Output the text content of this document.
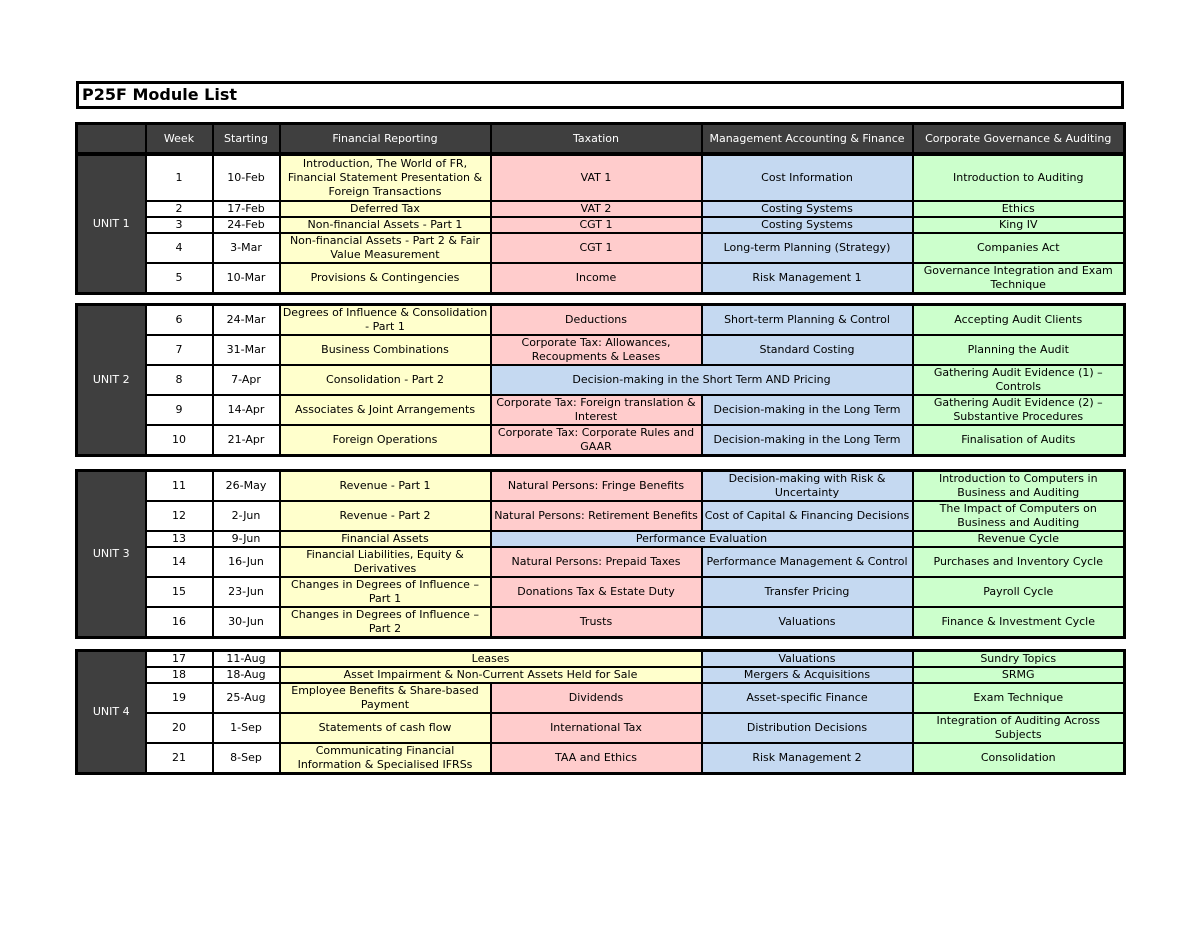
P25F Module List
	Week	Starting	Financial Reporting	Taxation	Management Accounting & Finance	Corporate Governance & Auditing
UNIT 1	1	10-Feb	Introduction, The World of FR, Financial Statement Presentation & Foreign Transactions	VAT 1	Cost Information	Introduction to Auditing
	2	17-Feb	Deferred Tax	VAT 2	Costing Systems	Ethics
	3	24-Feb	Non-financial Assets - Part 1	CGT 1	Costing Systems	King IV
	4	3-Mar	Non-financial Assets - Part 2 & Fair Value Measurement	CGT 1	Long-term Planning (Strategy)	Companies Act
	5	10-Mar	Provisions & Contingencies	Income	Risk Management 1	Governance Integration and Exam Technique
UNIT 2	6	24-Mar	Degrees of Influence & Consolidation - Part 1	Deductions	Short-term Planning & Control	Accepting Audit Clients
	7	31-Mar	Business Combinations	Corporate Tax: Allowances, Recoupments & Leases	Standard Costing	Planning the Audit
	8	7-Apr	Consolidation - Part 2	Decision-making in the Short Term AND Pricing		Gathering Audit Evidence (1) – Controls
	9	14-Apr	Associates & Joint Arrangements	Corporate Tax: Foreign translation & Interest	Decision-making in the Long Term	Gathering Audit Evidence (2) – Substantive Procedures
	10	21-Apr	Foreign Operations	Corporate Tax: Corporate Rules and GAAR	Decision-making in the Long Term	Finalisation of Audits
UNIT 3	11	26-May	Revenue - Part 1	Natural Persons: Fringe Benefits	Decision-making with Risk & Uncertainty	Introduction to Computers in Business and Auditing
	12	2-Jun	Revenue - Part 2	Natural Persons: Retirement Benefits	Cost of Capital & Financing Decisions	The Impact of Computers on Business and Auditing
	13	9-Jun	Financial Assets	Performance Evaluation		Revenue Cycle
	14	16-Jun	Financial Liabilities, Equity & Derivatives	Natural Persons: Prepaid Taxes	Performance Management & Control	Purchases and Inventory Cycle
	15	23-Jun	Changes in Degrees of Influence – Part 1	Donations Tax & Estate Duty	Transfer Pricing	Payroll Cycle
	16	30-Jun	Changes in Degrees of Influence – Part 2	Trusts	Valuations	Finance & Investment Cycle
UNIT 4	17	11-Aug	Leases		Valuations	Sundry Topics
	18	18-Aug	Asset Impairment & Non-Current Assets Held for Sale		Mergers & Acquisitions	SRMG
	19	25-Aug	Employee Benefits & Share-based Payment	Dividends	Asset-specific Finance	Exam Technique
	20	1-Sep	Statements of cash flow	International Tax	Distribution Decisions	Integration of Auditing Across Subjects
	21	8-Sep	Communicating Financial Information & Specialised IFRSs	TAA and Ethics	Risk Management 2	Consolidation
